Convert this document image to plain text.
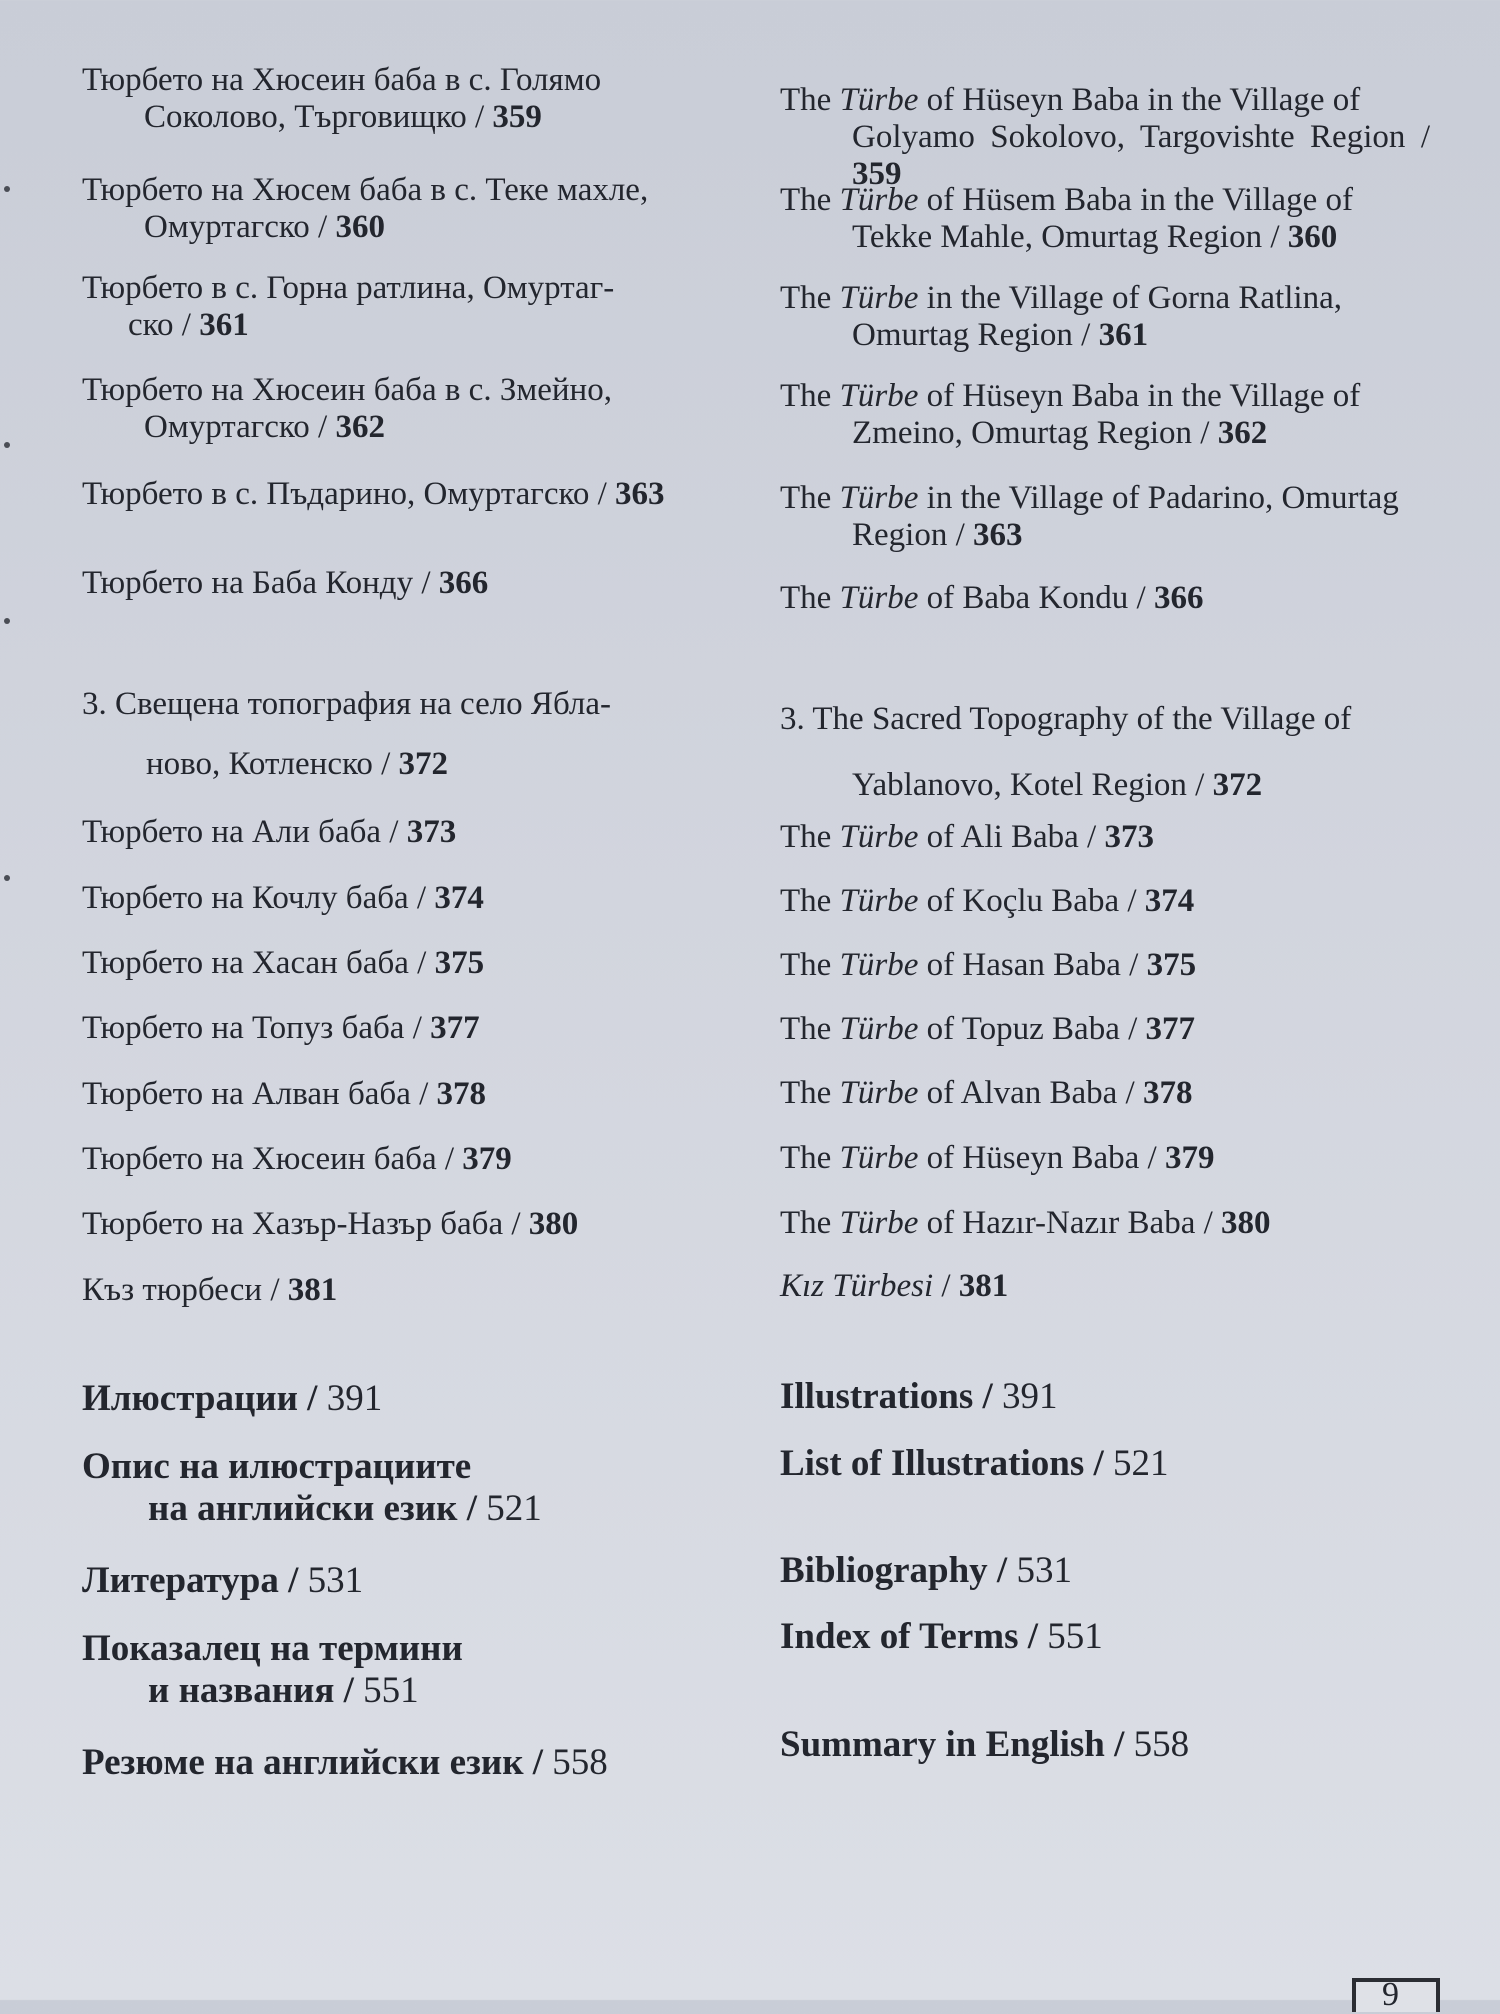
Тюрбето на Хюсеин баба в с. Голямо
Соколово, Търговищко / 359
Тюрбето на Хюсем баба в с. Теке махле,
Омуртагско / 360
Тюрбето в с. Горна ратлина, Омуртаг-
ско / 361
Тюрбето на Хюсеин баба в с. Змейно,
Омуртагско / 362
Тюрбето в с. Пъдарино, Омуртагско / 363
Тюрбето на Баба Конду / 366
3. Свещена топография на село Ябла-
ново, Котленско / 372
Тюрбето на Али баба / 373
Тюрбето на Кочлу баба / 374
Тюрбето на Хасан баба / 375
Тюрбето на Топуз баба / 377
Тюрбето на Алван баба / 378
Тюрбето на Хюсеин баба / 379
Тюрбето на Хазър-Назър баба / 380
Къз тюрбеси / 381
Илюстрации / 391
Опис на илюстрациите
на английски език / 521
Литература / 531
Показалец на термини
и названия / 551
Резюме на английски език / 558
The Türbe of Hüseyn Baba in the Village of
Golyamo Sokolovo, Targovishte Region / 359
The Türbe of Hüsem Baba in the Village of
Tekke Mahle, Omurtag Region / 360
The Türbe in the Village of Gorna Ratlina,
Omurtag Region / 361
The Türbe of Hüseyn Baba in the Village of
Zmeino, Omurtag Region / 362
The Türbe in the Village of Padarino, Omurtag
Region / 363
The Türbe of Baba Kondu / 366
3. The Sacred Topography of the Village of
Yablanovo, Kotel Region / 372
The Türbe of Ali Baba / 373
The Türbe of Koçlu Baba / 374
The Türbe of Hasan Baba / 375
The Türbe of Topuz Baba / 377
The Türbe of Alvan Baba / 378
The Türbe of Hüseyn Baba / 379
The Türbe of Hazır-Nazır Baba / 380
Kız Türbesi / 381
Illustrations / 391
List of Illustrations / 521
Bibliography / 531
Index of Terms / 551
Summary in English / 558
9
